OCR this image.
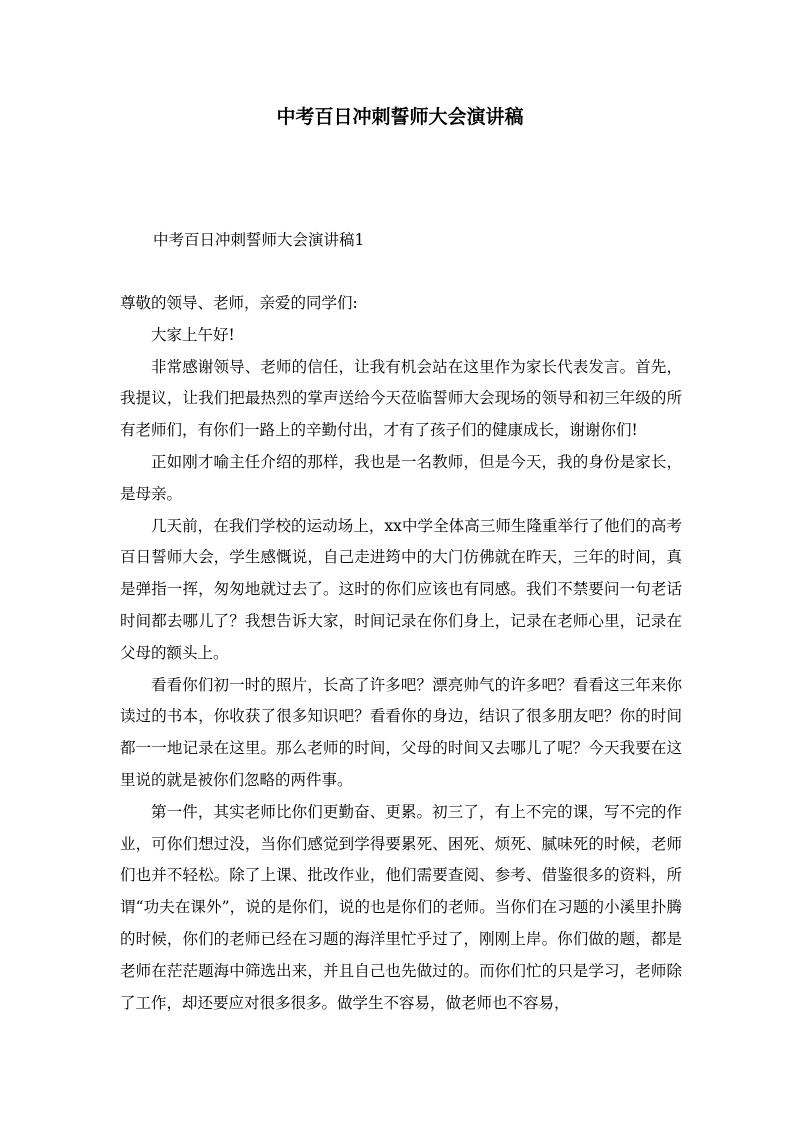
中考百日冲刺誓师大会演讲稿
中考百日冲刺誓师大会演讲稿1

尊敬的领导、老师，亲爱的同学们:

大家上午好!

非常感谢领导、老师的信任，让我有机会站在这里作为家长代表发言。首先，我提议，让我们把最热烈的掌声送给今天莅临誓师大会现场的领导和初三年级的所有老师们，有你们一路上的辛勤付出，才有了孩子们的健康成长，谢谢你们!

正如刚才喻主任介绍的那样，我也是一名教师，但是今天，我的身份是家长，是母亲。

几天前，在我们学校的运动场上，xx中学全体高三师生隆重举行了他们的高考百日誓师大会，学生感慨说，自己走进筠中的大门仿佛就在昨天，三年的时间，真是弹指一挥，匆匆地就过去了。这时的你们应该也有同感。我们不禁要问一句老话 时间都去哪儿了？我想告诉大家，时间记录在你们身上，记录在老师心里，记录在父母的额头上。

看看你们初一时的照片，长高了许多吧？漂亮帅气的许多吧？看看这三年来你读过的书本，你收获了很多知识吧？看看你的身边，结识了很多朋友吧？你的时间都一一地记录在这里。那么老师的时间，父母的时间又去哪儿了呢？今天我要在这里说的就是被你们忽略的两件事。

第一件，其实老师比你们更勤奋、更累。初三了，有上不完的课，写不完的作业，可你们想过没，当你们感觉到学得要累死、困死、烦死、腻味死的时候，老师们也并不轻松。除了上课、批改作业，他们需要查阅、参考、借鉴很多的资料，所谓“功夫在课外”，说的是你们，说的也是你们的老师。当你们在习题的小溪里扑腾的时候，你们的老师已经在习题的海洋里忙乎过了，刚刚上岸。你们做的题，都是老师在茫茫题海中筛选出来，并且自己也先做过的。而你们忙的只是学习，老师除了工作，却还要应对很多很多。做学生不容易，做老师也不容易，
